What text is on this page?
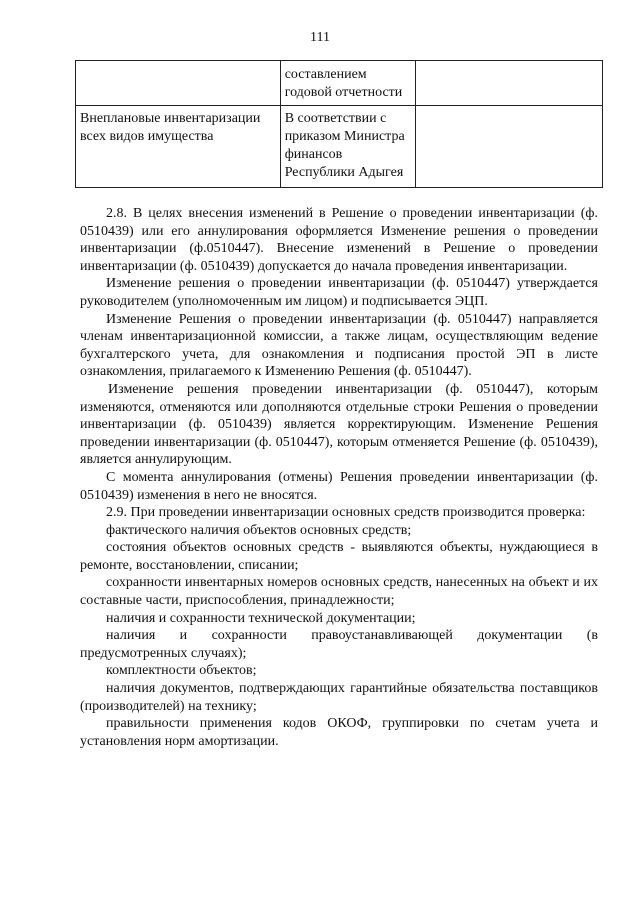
111
	составлением годовой отчетности	
Внеплановые инвентаризации всех видов имущества	В соответствии с приказом Министра финансов Республики Адыгея	

2.8. В целях внесения изменений в Решение о проведении инвентаризации (ф. 0510439) или его аннулирования оформляется Изменение решения о проведении инвентаризации (ф.0510447). Внесение изменений в Решение о проведении инвентаризации (ф. 0510439) допускается до начала проведения инвентаризации.

Изменение решения о проведении инвентаризации (ф. 0510447) утверждается руководителем (уполномоченным им лицом) и подписывается ЭЦП.

Изменение Решения о проведении инвентаризации (ф. 0510447) направляется членам инвентаризационной комиссии, а также лицам, осуществляющим ведение бухгалтерского учета, для ознакомления и подписания простой ЭП в листе ознакомления, прилагаемого к Изменению Решения (ф. 0510447).

Изменение решения проведении инвентаризации (ф. 0510447), которым изменяются, отменяются или дополняются отдельные строки Решения о проведении инвентаризации (ф. 0510439) является корректирующим. Изменение Решения проведении инвентаризации (ф. 0510447), которым отменяется Решение (ф. 0510439), является аннулирующим.

С момента аннулирования (отмены) Решения проведении инвентаризации (ф. 0510439) изменения в него не вносятся.

2.9. При проведении инвентаризации основных средств производится проверка:

фактического наличия объектов основных средств;

состояния объектов основных средств - выявляются объекты, нуждающиеся в ремонте, восстановлении, списании;

сохранности инвентарных номеров основных средств, нанесенных на объект и их составные части, приспособления, принадлежности;

наличия и сохранности технической документации;

наличия и сохранности правоустанавливающей документации (в предусмотренных случаях);

комплектности объектов;

наличия документов, подтверждающих гарантийные обязательства поставщиков (производителей) на технику;

правильности применения кодов ОКОФ, группировки по счетам учета и установления норм амортизации.
